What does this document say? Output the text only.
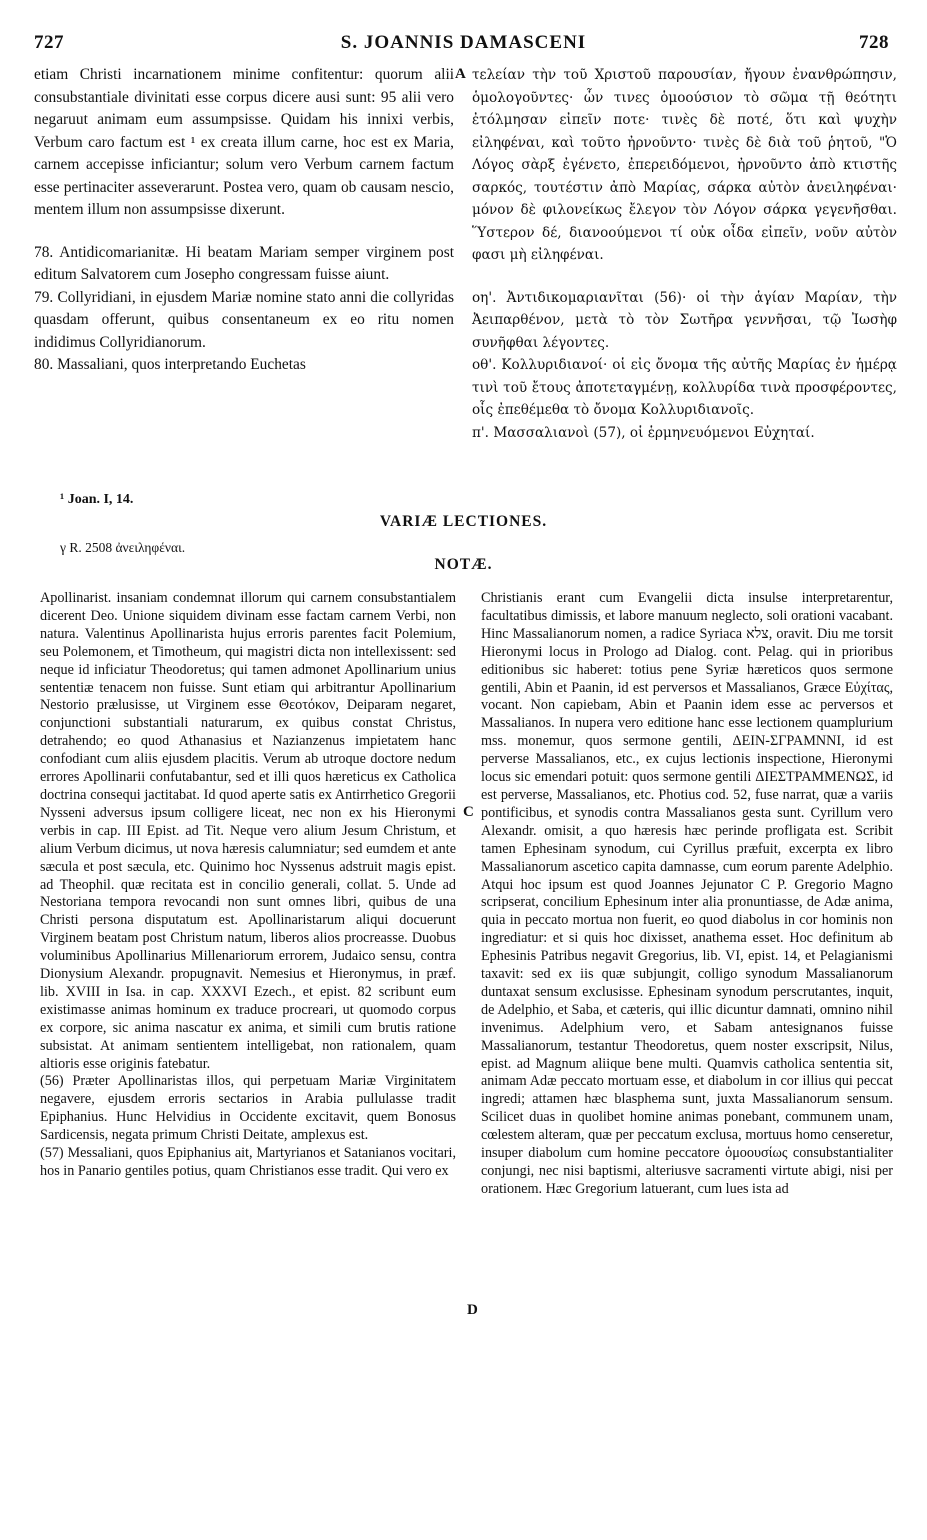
727	S. JOANNIS DAMASCENI	728
A
C
D
etiam Christi incarnationem minime confitentur: quorum alii consubstantiale divinitati esse corpus dicere ausi sunt: 95 alii vero negaruut animam eum assumpsisse. Quidam his innixi verbis, Verbum caro factum est ¹ ex creata illum carne, hoc est ex Maria, carnem accepisse inficiantur; solum vero Verbum carnem factum esse pertinaciter asseverarunt. Postea vero, quam ob causam nescio, mentem illum non assumpsisse dixerunt.
78. Antidicomarianitæ. Hi beatam Mariam semper virginem post editum Salvatorem cum Josepho congressam fuisse aiunt.
79. Collyridiani, in ejusdem Mariæ nomine stato anni die collyridas quasdam offerunt, quibus consentaneum ex eo ritu nomen indidimus Collyridianorum.
80. Massaliani, quos interpretando Euchetas
τελείαν τὴν τοῦ Χριστοῦ παρουσίαν, ἤγουν ἐνανθρώπησιν, ὁμολογοῦντες· ὧν τινες ὁμοούσιον τὸ σῶμα τῇ θεότητι ἐτόλμησαν εἰπεῖν ποτε· τινὲς δὲ ποτέ, ὅτι καὶ ψυχὴν εἰληφέναι, καὶ τοῦτο ἠρνοῦντο· τινὲς δὲ διὰ τοῦ ῥητοῦ, "Ὁ Λόγος σὰρξ ἐγένετο, ἐπερειδόμενοι, ἠρνοῦντο ἀπὸ κτιστῆς σαρκός, τουτέστιν ἀπὸ Μαρίας, σάρκα αὐτὸν ἀνειληφέναι· μόνον δὲ φιλονείκως ἔλεγον τὸν Λόγον σάρκα γεγενῆσθαι. Ὕστερον δέ, διανοούμενοι τί οὐκ οἶδα εἰπεῖν, νοῦν αὐτὸν φασι μὴ εἰληφέναι.
οη'. Ἀντιδικομαριανῖται (56)· οἱ τὴν ἁγίαν Μαρίαν, τὴν Ἀειπαρθένον, μετὰ τὸ τὸν Σωτῆρα γεννῆσαι, τῷ Ἰωσὴφ συνῆφθαι λέγοντες.
οθ'. Κολλυριδιανοί· οἱ εἰς ὄνομα τῆς αὐτῆς Μαρίας ἐν ἡμέρᾳ τινὶ τοῦ ἔτους ἀποτεταγμένῃ, κολλυρίδα τινὰ προσφέροντες, οἷς ἐπεθέμεθα τὸ ὄνομα Κολλυριδιανοῖς.
π'. Μασσαλιανοὶ (57), οἱ ἑρμηνευόμενοι Εὐχηταί.
¹ Joan. I, 14.
VARIÆ LECTIONES.
γ R. 2508 ἀνειληφέναι.
NOTÆ.

Apollinarist. insaniam condemnat illorum qui carnem consubstantialem dicerent Deo. Unione siquidem divinam esse factam carnem Verbi, non natura. Valentinus Apollinarista hujus erroris parentes facit Polemium, seu Polemonem, et Timotheum, qui magistri dicta non intellexissent: sed neque id inficiatur Theodoretus; qui tamen admonet Apollinarium unius sententiæ tenacem non fuisse. Sunt etiam qui arbitrantur Apollinarium Nestorio prælusisse, ut Virginem esse Θεοτόκον, Deiparam negaret, conjunctioni substantiali naturarum, ex quibus constat Christus, detrahendo; eo quod Athanasius et Nazianzenus impietatem hanc confodiant cum aliis ejusdem placitis. Verum ab utroque doctore nedum errores Apollinarii confutabantur, sed et illi quos hæreticus ex Catholica doctrina consequi jactitabat. Id quod aperte satis ex Antirrhetico Gregorii Nysseni adversus ipsum colligere liceat, nec non ex his Hieronymi verbis in cap. III Epist. ad Tit. Neque vero alium Jesum Christum, et alium Verbum dicimus, ut nova hæresis calumniatur; sed eumdem et ante sæcula et post sæcula, etc. Quinimo hoc Nyssenus adstruit magis epist. ad Theophil. quæ recitata est in concilio generali, collat. 5. Unde ad Nestoriana tempora revocandi non sunt omnes libri, quibus de una Christi persona disputatum est. Apollinaristarum aliqui docuerunt Virginem beatam post Christum natum, liberos alios procreasse. Duobus voluminibus Apollinarius Millenariorum errorem, Judaico sensu, contra Dionysium Alexandr. propugnavit. Nemesius et Hieronymus, in præf. lib. XVIII in Isa. in cap. XXXVI Ezech., et epist. 82 scribunt eum existimasse animas hominum ex traduce procreari, ut quomodo corpus ex corpore, sic anima nascatur ex anima, et simili cum brutis ratione subsistat. At animam sentientem intelligebat, non rationalem, quam altioris esse originis fatebatur.

(56) Præter Apollinaristas illos, qui perpetuam Mariæ Virginitatem negavere, ejusdem erroris sectarios in Arabia pullulasse tradit Epiphanius. Hunc Helvidius in Occidente excitavit, quem Bonosus Sardicensis, negata primum Christi Deitate, amplexus est.

(57) Messaliani, quos Epiphanius ait, Martyrianos et Satanianos vocitari, hos in Panario gentiles potius, quam Christianos esse tradit. Qui vero ex

Christianis erant cum Evangelii dicta insulse interpretarentur, facultatibus dimissis, et labore manuum neglecto, soli orationi vacabant. Hinc Massalianorum nomen, a radice Syriaca צלא, oravit. Diu me torsit Hieronymi locus in Prologo ad Dialog. cont. Pelag. qui in prioribus editionibus sic haberet: totius pene Syriæ hæreticos quos sermone gentili, Abin et Paanin, id est perversos et Massalianos, Græce Εὐχίτας, vocant. Non capiebam, Abin et Paanin idem esse ac perversos et Massalianos. In nupera vero editione hanc esse lectionem quamplurium mss. monemur, quos sermone gentili, ΔΕΙΝ-ΣΓΡΑΜΝΝΙ, id est perverse Massalianos, etc., ex cujus lectionis inspectione, Hieronymi locus sic emendari potuit: quos sermone gentili ΔΙΕΣΤΡΑΜΜΕΝΩΣ, id est perverse, Massalianos, etc. Photius cod. 52, fuse narrat, quæ a variis pontificibus, et synodis contra Massalianos gesta sunt. Cyrillum vero Alexandr. omisit, a quo hæresis hæc perinde profligata est. Scribit tamen Ephesinam synodum, cui Cyrillus præfuit, excerpta ex libro Massalianorum ascetico capita damnasse, cum eorum parente Adelphio. Atqui hoc ipsum est quod Joannes Jejunator C P. Gregorio Magno scripserat, concilium Ephesinum inter alia pronuntiasse, de Adæ anima, quia in peccato mortua non fuerit, eo quod diabolus in cor hominis non ingrediatur: et si quis hoc dixisset, anathema esset. Hoc definitum ab Ephesinis Patribus negavit Gregorius, lib. VI, epist. 14, et Pelagianismi taxavit: sed ex iis quæ subjungit, colligo synodum Massalianorum duntaxat sensum exclusisse. Ephesinam synodum perscrutantes, inquit, de Adelphio, et Saba, et cæteris, qui illic dicuntur damnati, omnino nihil invenimus. Adelphium vero, et Sabam antesignanos fuisse Massalianorum, testantur Theodoretus, quem noster exscripsit, Nilus, epist. ad Magnum aliique bene multi. Quamvis catholica sententia sit, animam Adæ peccato mortuam esse, et diabolum in cor illius qui peccat ingredi; attamen hæc blasphema sunt, juxta Massalianorum sensum. Scilicet duas in quolibet homine animas ponebant, communem unam, cœlestem alteram, quæ per peccatum exclusa, mortuus homo censeretur, insuper diabolum cum homine peccatore ὁμοουσίως consubstantialiter conjungi, nec nisi baptismi, alteriusve sacramenti virtute abigi, nisi per orationem. Hæc Gregorium latuerant, cum lues ista ad
